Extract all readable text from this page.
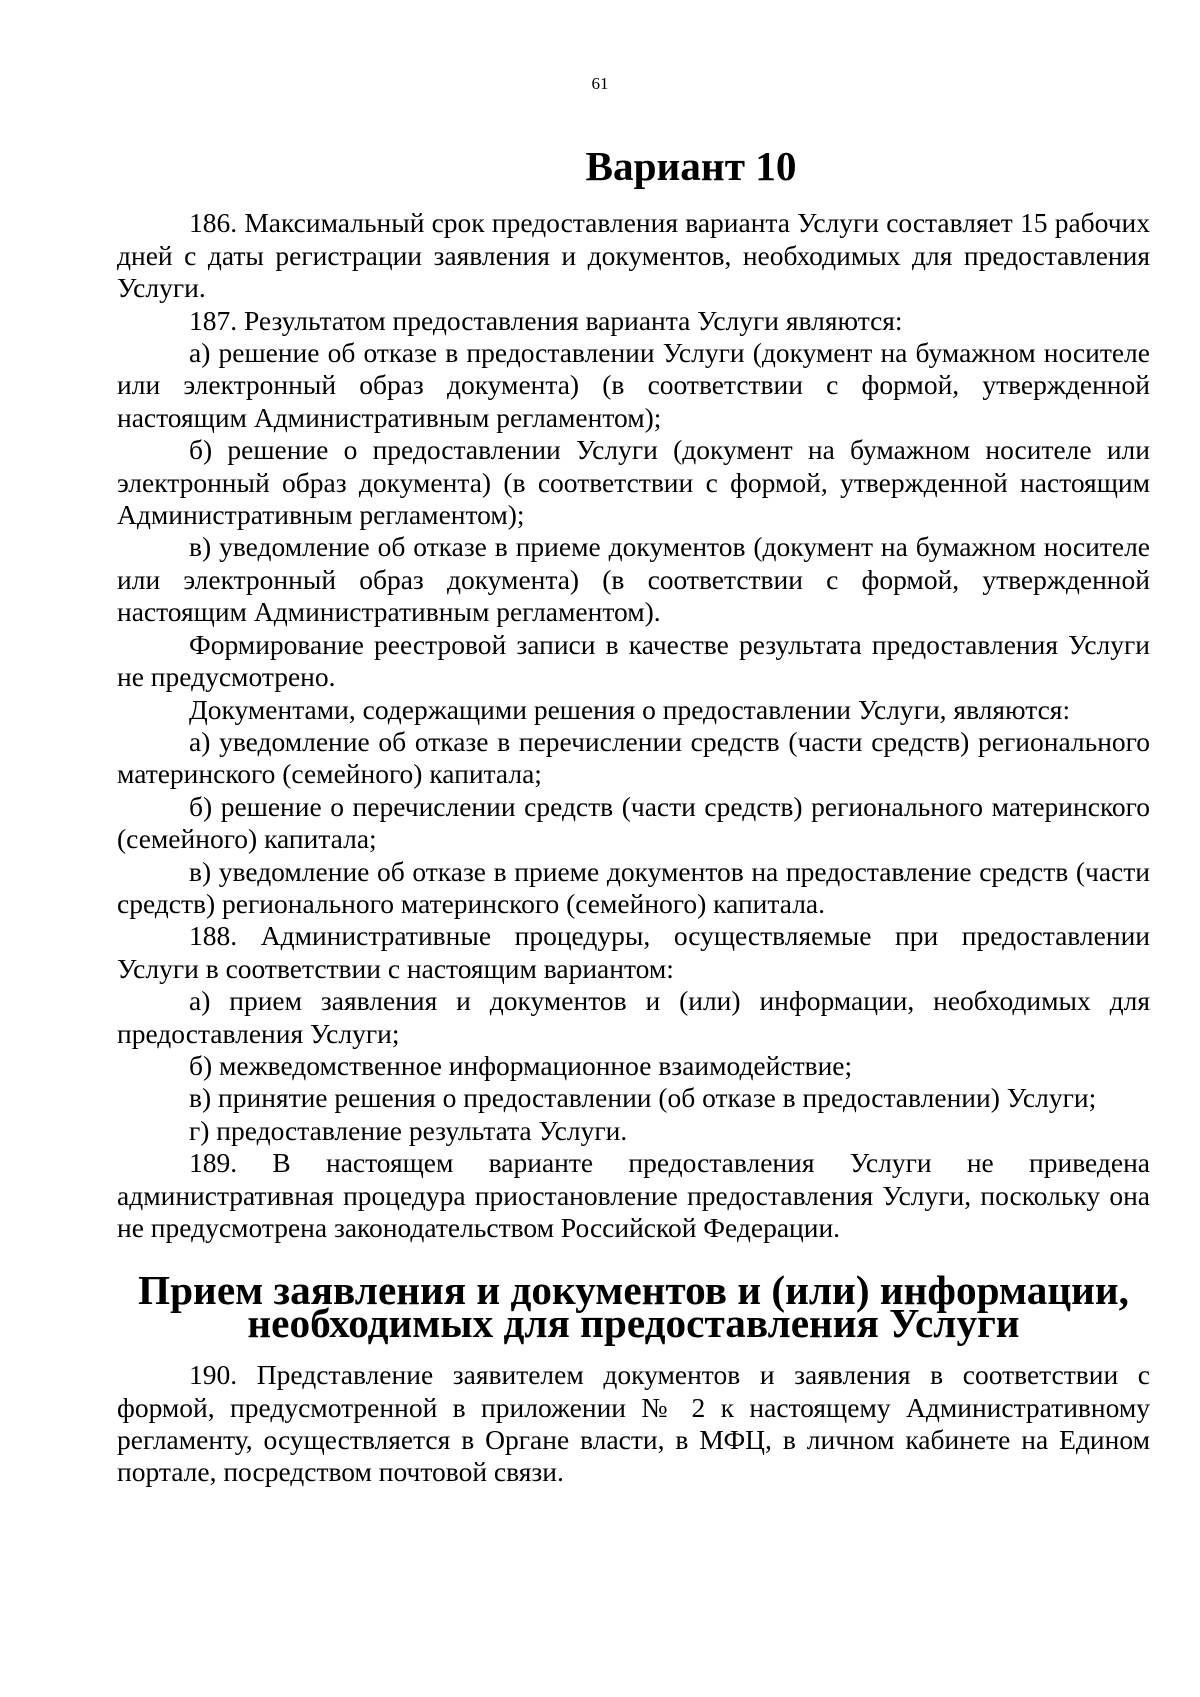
61
Вариант 10

186. Максимальный срок предоставления варианта Услуги составляет 15 рабочих дней с даты регистрации заявления и документов, необходимых для предоставления Услуги.

187. Результатом предоставления варианта Услуги являются:

а) решение об отказе в предоставлении Услуги (документ на бумажном носителе или электронный образ документа) (в соответствии с формой, утвержденной настоящим Административным регламентом);

б) решение о предоставлении Услуги (документ на бумажном носителе или электронный образ документа) (в соответствии с формой, утвержденной настоящим Административным регламентом);

в) уведомление об отказе в приеме документов (документ на бумажном носителе или электронный образ документа) (в соответствии с формой, утвержденной настоящим Административным регламентом).

Формирование реестровой записи в качестве результата предоставления Услуги не предусмотрено.

Документами, содержащими решения о предоставлении Услуги, являются:

а) уведомление об отказе в перечислении средств (части средств) регионального материнского (семейного) капитала;

б) решение о перечислении средств (части средств) регионального материнского (семейного) капитала;

в) уведомление об отказе в приеме документов на предоставление средств (части средств) регионального материнского (семейного) капитала.

188. Административные процедуры, осуществляемые при предоставлении Услуги в соответствии с настоящим вариантом:

а) прием заявления и документов и (или) информации, необходимых для предоставления Услуги;

б) межведомственное информационное взаимодействие;

в) принятие решения о предоставлении (об отказе в предоставлении) Услуги;

г) предоставление результата Услуги.

189. В настоящем варианте предоставления Услуги не приведена административная процедура приостановление предоставления Услуги, поскольку она не предусмотрена законодательством Российской Федерации.

Прием заявления и документов и (или) информации, необходимых для предоставления Услуги

190. Представление заявителем документов и заявления в соответствии с формой, предусмотренной в приложении № 2 к настоящему Административному регламенту, осуществляется в Органе власти, в МФЦ, в личном кабинете на Едином портале, посредством почтовой связи.
